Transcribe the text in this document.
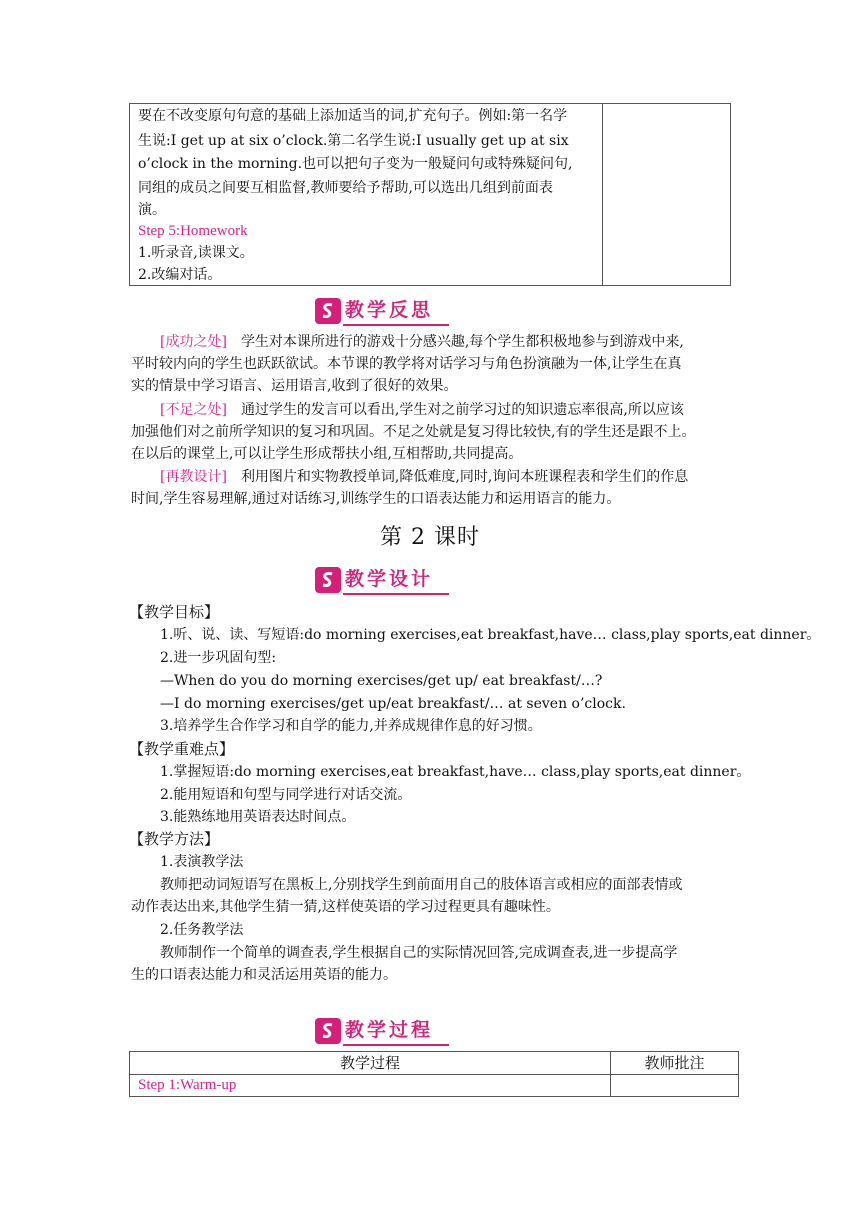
要在不改变原句句意的基础上添加适当的词,扩充句子。例如:第一名学
生说:I get up at six o’clock.第二名学生说:I usually get up at six
o’clock in the morning.也可以把句子变为一般疑问句或特殊疑问句,
同组的成员之间要互相监督,教师要给予帮助,可以选出几组到前面表
演。
Step 5:Homework
1.听录音,读课文。
2.改编对话。

教学反思
[成功之处] 学生对本课所进行的游戏十分感兴趣,每个学生都积极地参与到游戏中来,
平时较内向的学生也跃跃欲试。本节课的教学将对话学习与角色扮演融为一体,让学生在真
实的情景中学习语言、运用语言,收到了很好的效果。
[不足之处] 通过学生的发言可以看出,学生对之前学习过的知识遗忘率很高,所以应该
加强他们对之前所学知识的复习和巩固。不足之处就是复习得比较快,有的学生还是跟不上。
在以后的课堂上,可以让学生形成帮扶小组,互相帮助,共同提高。
[再教设计] 利用图片和实物教授单词,降低难度,同时,询问本班课程表和学生们的作息
时间,学生容易理解,通过对话练习,训练学生的口语表达能力和运用语言的能力。
第 2 课时
教学设计
【教学目标】
1.听、说、读、写短语:do morning exercises,eat breakfast,have… class,play sports,eat dinner。
2.进一步巩固句型:
—When do you do morning exercises/get up/ eat breakfast/…?
—I do morning exercises/get up/eat breakfast/… at seven o’clock.
3.培养学生合作学习和自学的能力,并养成规律作息的好习惯。
【教学重难点】
1.掌握短语:do morning exercises,eat breakfast,have… class,play sports,eat dinner。
2.能用短语和句型与同学进行对话交流。
3.能熟练地用英语表达时间点。
【教学方法】
1.表演教学法
教师把动词短语写在黑板上,分别找学生到前面用自己的肢体语言或相应的面部表情或
动作表达出来,其他学生猜一猜,这样使英语的学习过程更具有趣味性。
2.任务教学法
教师制作一个简单的调查表,学生根据自己的实际情况回答,完成调查表,进一步提高学
生的口语表达能力和灵活运用英语的能力。
教学过程
教学过程	教师批注
Step 1:Warm-up	
